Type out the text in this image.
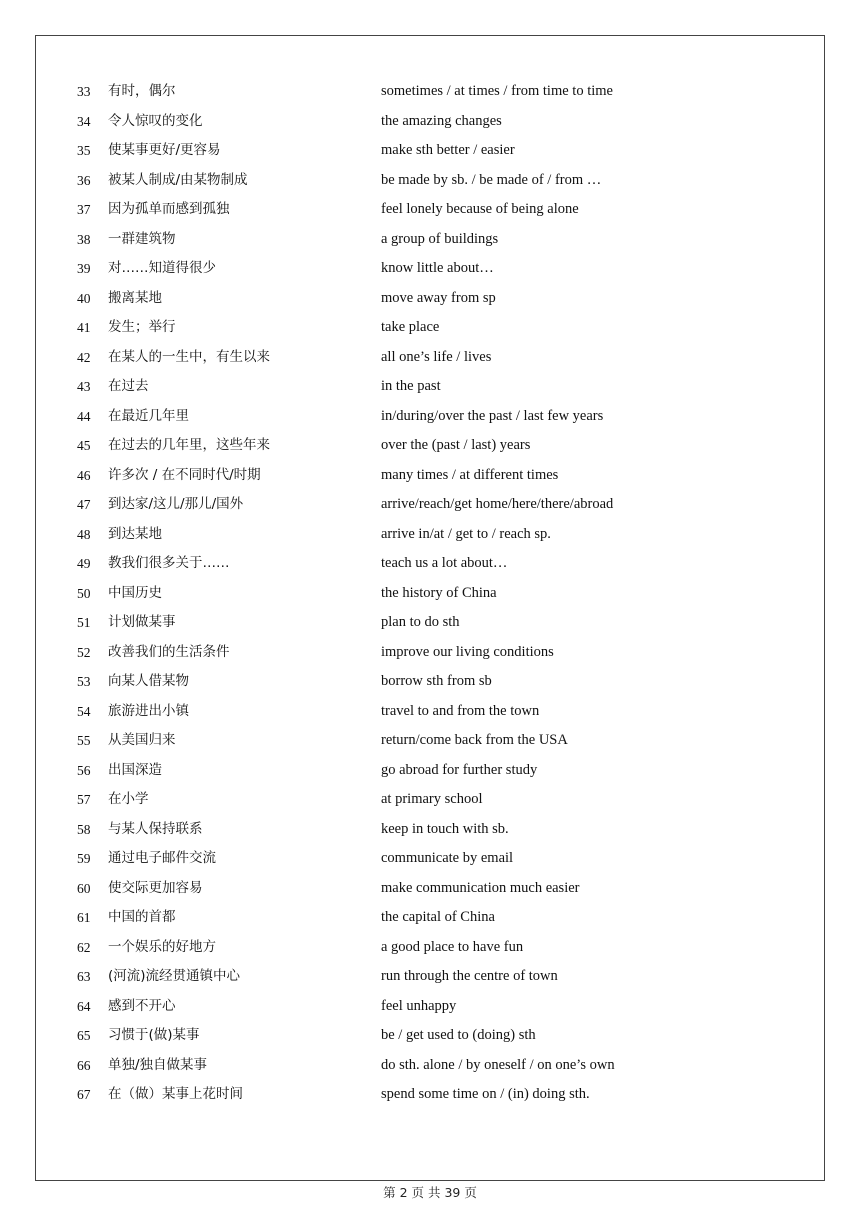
33	有时，偶尔	sometimes / at times / from time to time
34	令人惊叹的变化	the amazing changes
35	使某事更好/更容易	make sth better / easier
36	被某人制成/由某物制成	be made by sb. / be made of / from …
37	因为孤单而感到孤独	feel lonely because of being alone
38	一群建筑物	a group of buildings
39	对……知道得很少	know little about…
40	搬离某地	move away from sp
41	发生；举行	take place
42	在某人的一生中，有生以来	all one’s life / lives
43	在过去	in the past
44	在最近几年里	in/during/over the past / last few years
45	在过去的几年里，这些年来	over the (past / last) years
46	许多次 / 在不同时代/时期	many times / at different times
47	到达家/这儿/那儿/国外	arrive/reach/get home/here/there/abroad
48	到达某地	arrive in/at / get to / reach sp.
49	教我们很多关于……	teach us a lot about…
50	中国历史	the history of China
51	计划做某事	plan to do sth
52	改善我们的生活条件	improve our living conditions
53	向某人借某物	borrow sth from sb
54	旅游进出小镇	travel to and from the town
55	从美国归来	return/come back from the USA
56	出国深造	go abroad for further study
57	在小学	at primary school
58	与某人保持联系	keep in touch with sb.
59	通过电子邮件交流	communicate by email
60	使交际更加容易	make communication much easier
61	中国的首都	the capital of China
62	一个娱乐的好地方	a good place to have fun
63	(河流)流经贯通镇中心	run through the centre of town
64	感到不开心	feel unhappy
65	习惯于(做)某事	be / get used to (doing) sth
66	单独/独自做某事	do sth. alone / by oneself / on one’s own
67	在（做）某事上花时间	spend some time on / (in) doing sth.
第 2 页 共 39 页
